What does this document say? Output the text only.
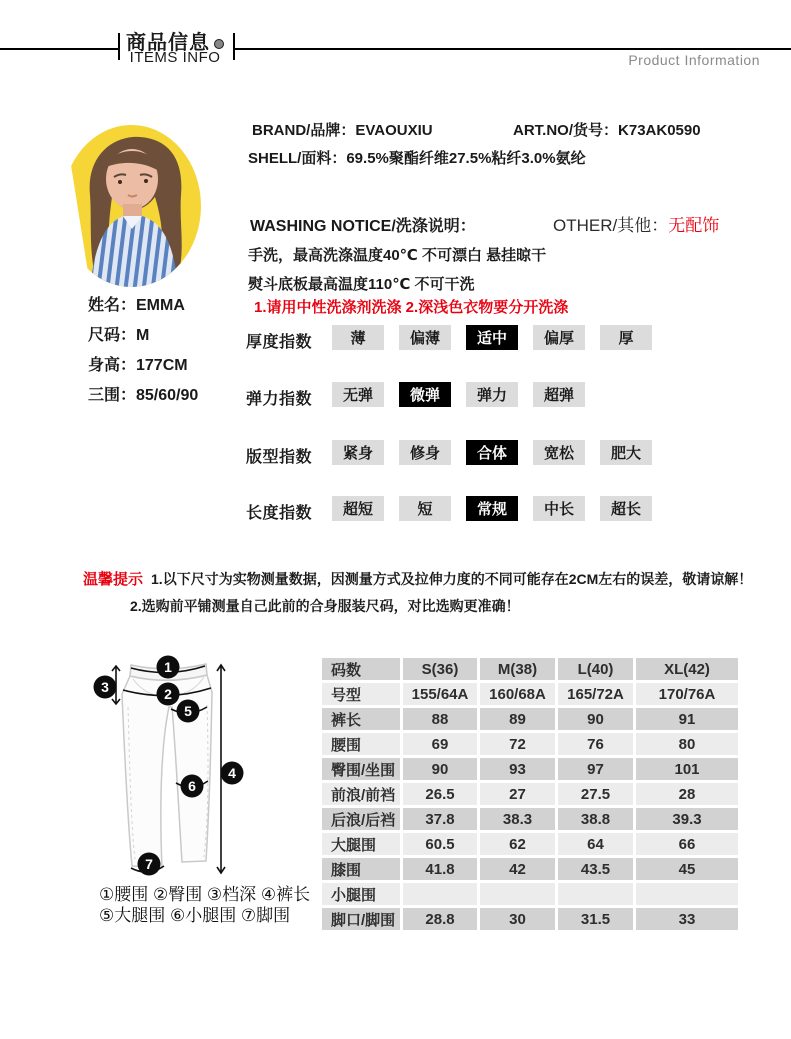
商品信息
ITEMS INFO	Product Information
姓名：EMMA
尺码：M
身高：177CM
三围：85/60/90
BRAND/品牌：EVAOUXIU	ART.NO/货号：K73AK0590
SHELL/面料：69.5%聚酯纤维27.5%粘纤3.0%氨纶
WASHING NOTICE/洗涤说明：	OTHER/其他：无配饰
手洗，最高洗涤温度40℃ 不可漂白 悬挂晾干
熨斗底板最高温度110℃ 不可干洗
1.请用中性洗涤剂洗涤 2.深浅色衣物要分开洗涤
厚度指数	薄	偏薄	适中	偏厚	厚
弹力指数	无弹	微弹	弹力	超弹
版型指数	紧身	修身	合体	宽松	肥大
长度指数	超短	短	常规	中长	超长
温馨提示 1.以下尺寸为实物测量数据，因测量方式及拉伸力度的不同可能存在2CM左右的误差，敬请谅解！
2.选购前平铺测量自己此前的合身服装尺码，对比选购更准确！
1
2
3
4
5
6
7
①腰围 ②臀围 ③档深 ④裤长
⑤大腿围 ⑥小腿围 ⑦脚围
码数	S(36)	M(38)	L(40)	XL(42)
号型	155/64A	160/68A	165/72A	170/76A
裤长	88	89	90	91
腰围	69	72	76	80
臀围/坐围	90	93	97	101
前浪/前裆	26.5	27	27.5	28
后浪/后裆	37.8	38.3	38.8	39.3
大腿围	60.5	62	64	66
膝围	41.8	42	43.5	45
小腿围				
脚口/脚围	28.8	30	31.5	33
